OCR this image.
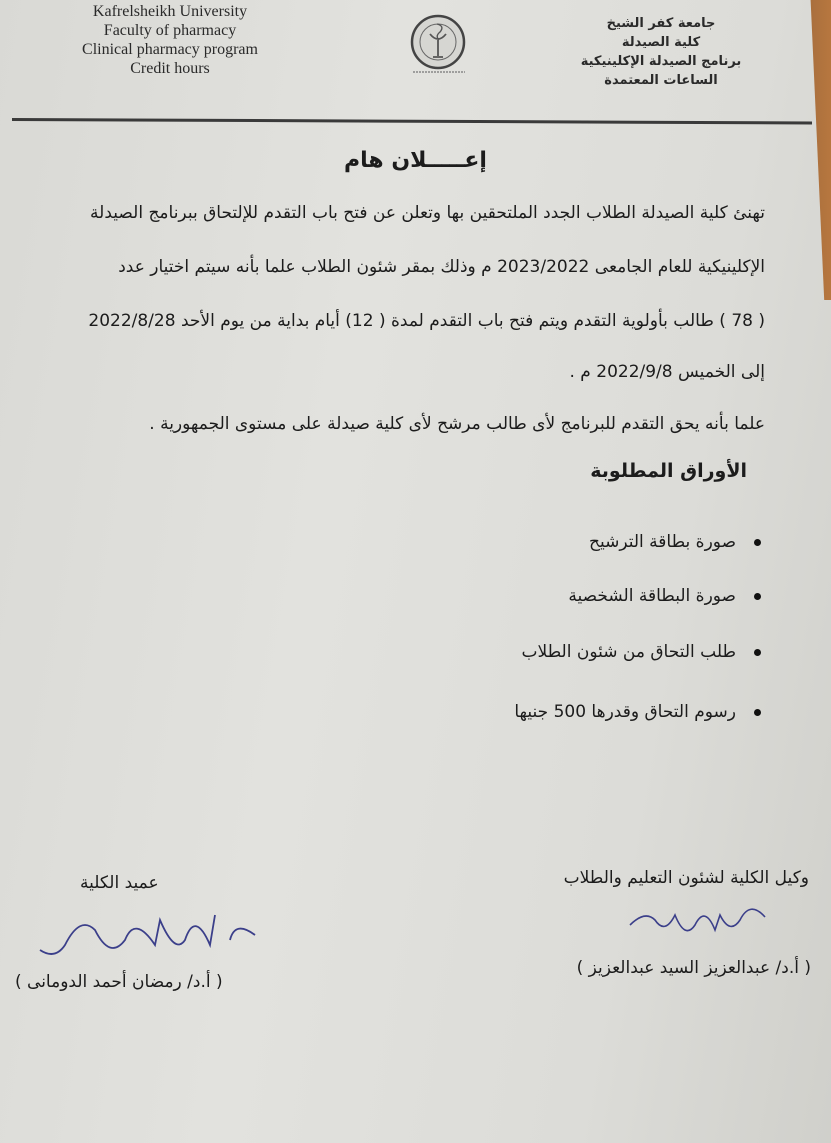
Kafrelsheikh University
Faculty of pharmacy
Clinical pharmacy program
Credit hours
جامعة كفر الشيخ
كلية الصيدلة
برنامج الصيدلة الإكلينيكية
الساعات المعتمدة
إعـــــلان هام
تهنئ كلية الصيدلة الطلاب الجدد الملتحقين بها وتعلن عن فتح باب التقدم للإلتحاق ببرنامج الصيدلة
الإكلينيكية للعام الجامعى 2023/2022 م وذلك بمقر شئون الطلاب علما بأنه سيتم اختيار عدد
( 78 ) طالب بأولوية التقدم ويتم فتح باب التقدم لمدة ( 12) أيام بداية من يوم الأحد 2022/8/28
إلى الخميس 2022/9/8 م .
علما بأنه يحق التقدم للبرنامج لأى طالب مرشح لأى كلية صيدلة على مستوى الجمهورية .
الأوراق المطلوبة
صورة بطاقة الترشيح
صورة البطاقة الشخصية
طلب التحاق من شئون الطلاب
رسوم التحاق وقدرها 500 جنيها
وكيل الكلية لشئون التعليم والطلاب
( أ.د/ عبدالعزيز السيد عبدالعزيز )
عميد الكلية
( أ.د/ رمضان أحمد الدومانى )
